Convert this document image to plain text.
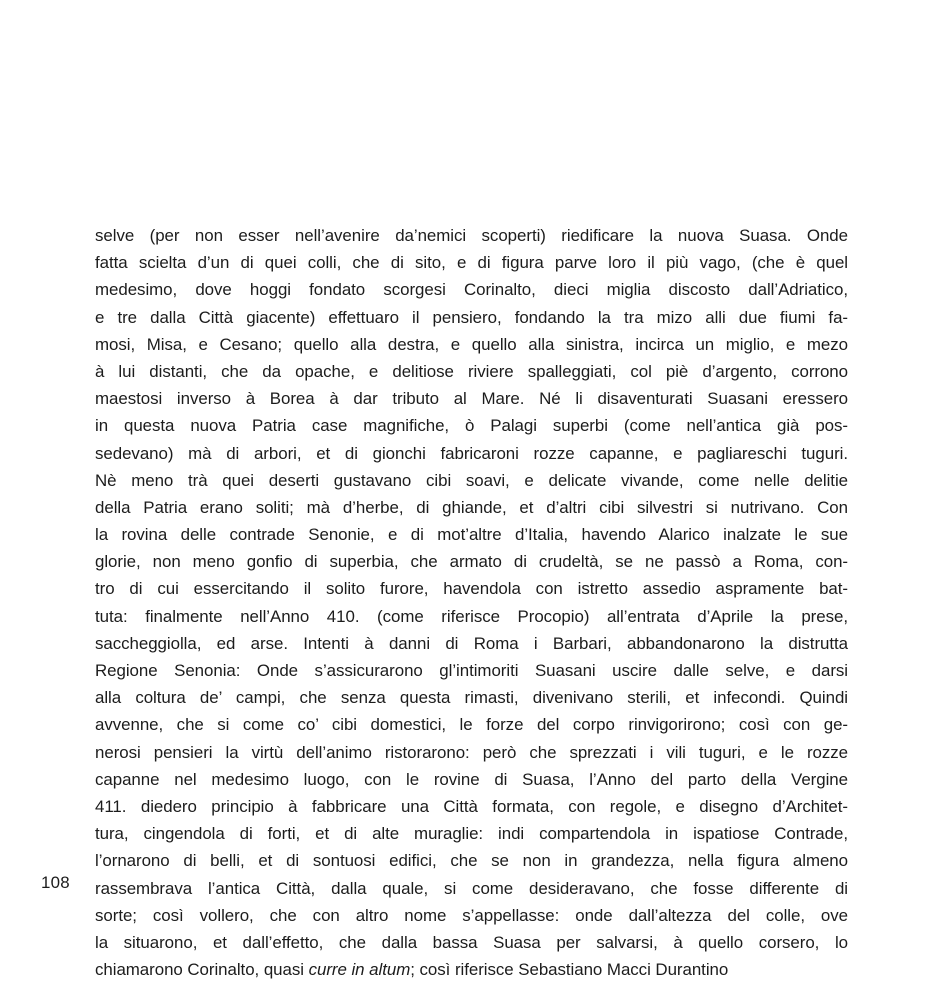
108

selve (per non esser nell’avenire da’nemici scoperti) riedificare la nuova Suasa. Onde
fatta scielta d’un di quei colli, che di sito, e di figura parve loro il più vago, (che è quel
medesimo, dove hoggi fondato scorgesi Corinalto, dieci miglia discosto dall’Adriatico,
e tre dalla Città giacente) effettuaro il pensiero, fondando la tra mizo alli due fiumi fa-
mosi, Misa, e Cesano; quello alla destra, e quello alla sinistra, incirca un miglio, e mezo
à lui distanti, che da opache, e delitiose riviere spalleggiati, col piè d’argento, corrono
maestosi inverso à Borea à dar tributo al Mare. Né li disaventurati Suasani eressero
in questa nuova Patria case magnifiche, ò Palagi superbi (come nell’antica già pos-
sedevano) mà di arbori, et di gionchi fabricaroni rozze capanne, e pagliareschi tuguri.
Nè meno trà quei deserti gustavano cibi soavi, e delicate vivande, come nelle delitie
della Patria erano soliti; mà d’herbe, di ghiande, et d’altri cibi silvestri si nutrivano. Con
la rovina delle contrade Senonie, e di mot’altre d’Italia, havendo Alarico inalzate le sue
glorie, non meno gonfio di superbia, che armato di crudeltà, se ne passò a Roma, con-
tro di cui essercitando il solito furore, havendola con istretto assedio aspramente bat-
tuta: finalmente nell’Anno 410. (come riferisce Procopio) all’entrata d’Aprile la prese,
saccheggiolla, ed arse. Intenti à danni di Roma i Barbari, abbandonarono la distrutta
Regione Senonia: Onde s’assicurarono gl’intimoriti Suasani uscire dalle selve, e darsi
alla coltura de’ campi, che senza questa rimasti, divenivano sterili, et infecondi. Quindi
avvenne, che si come co’ cibi domestici, le forze del corpo rinvigorirono; così con ge-
nerosi pensieri la virtù dell’animo ristorarono: però che sprezzati i vili tuguri, e le rozze
capanne nel medesimo luogo, con le rovine di Suasa, l’Anno del parto della Vergine
411. diedero principio à fabbricare una Città formata, con regole, e disegno d’Architet-
tura, cingendola di forti, et di alte muraglie: indi compartendola in ispatiose Contrade,
l’ornarono di belli, et di sontuosi edifici, che se non in grandezza, nella figura almeno
rassembrava l’antica Città, dalla quale, si come desideravano, che fosse differente di
sorte; così vollero, che con altro nome s’appellasse: onde dall’altezza del colle, ove
la situarono, et dall’effetto, che dalla bassa Suasa per salvarsi, à quello corsero, lo
chiamarono Corinalto, quasi curre in altum; così riferisce Sebastiano Macci Durantino
